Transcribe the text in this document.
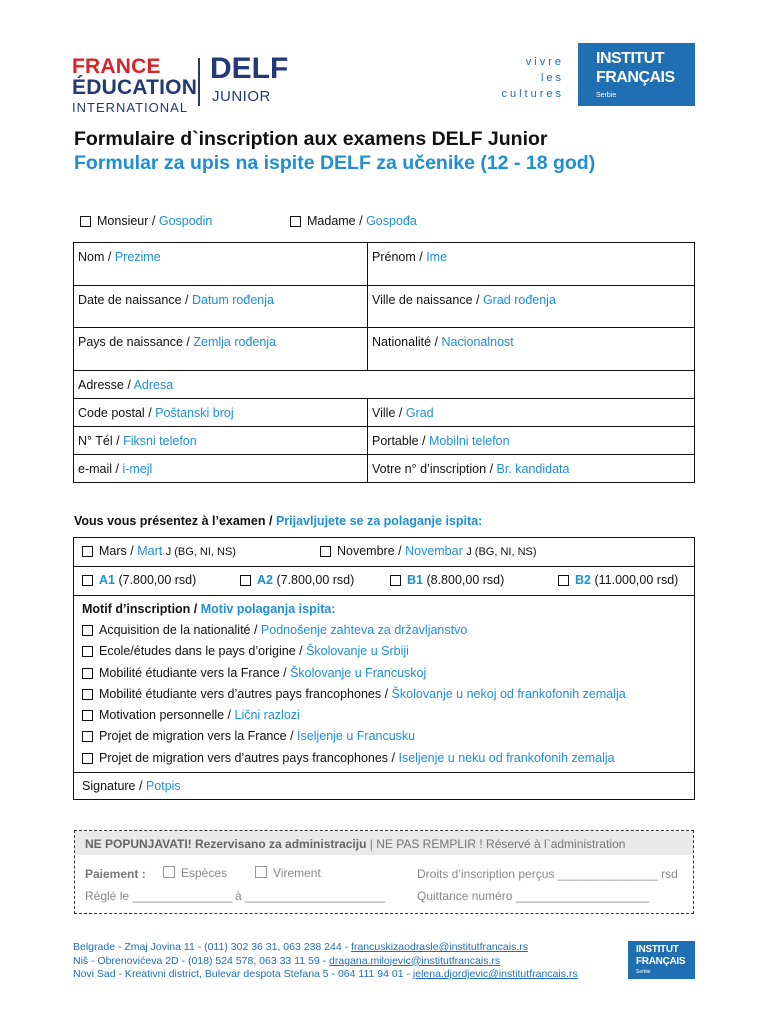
FRANCE
ÉDUCATION
INTERNATIONAL
DELF
JUNIOR
vivre
les
cultures
INSTITUT
FRANÇAIS
Serbie
Formulaire d`inscription aux examens DELF Junior
Formular za upis na ispite DELF za učenike (12 - 18 god)
Monsieur / Gospodin	Madame / Gospođa
Nom / Prezime	Prénom / Ime
Date de naissance / Datum rođenja	Ville de naissance / Grad rođenja
Pays de naissance / Zemlja rođenja	Nationalité / Nacionalnost
Adresse / Adresa	
Code postal / Poštanski broj	Ville / Grad
N° Tél / Fiksni telefon	Portable / Mobilni telefon
e-mail / i-mejl	Votre n° d’inscription / Br. kandidata
Vous vous présentez à l’examen / Prijavljujete se za polaganje ispita:
Mars / Mart J (BG, NI, NS)	Novembre / Novembar J (BG, NI, NS)
A1 (7.800,00 rsd)	A2 (7.800,00 rsd)	B1 (8.800,00 rsd)	B2 (11.000,00 rsd)
Motif d’inscription / Motiv polaganja ispita:
Acquisition de la nationalité / Podnošenje zahteva za državljanstvo
Ecole/études dans le pays d’origine / Školovanje u Srbiji
Mobilité étudiante vers la France / Školovanje u Francuskoj
Mobilité étudiante vers d’autres pays francophones / Školovanje u nekoj od frankofonih zemalja
Motivation personnelle / Lični razlozi
Projet de migration vers la France / Iseljenje u Francusku
Projet de migration vers d’autres pays francophones / Iseljenje u neku od frankofonih zemalja
Signature / Potpis
NE POPUNJAVATI! Rezervisano za administraciju | NE PAS REMPLIR ! Réservé à l`administration
Paiement :	Espèces	Virement	Droits d’inscription perçus _______________ rsd
Réglé le _______________ à _____________________	Quittance numéro ____________________
Belgrade - Zmaj Jovina 11 - (011) 302 36 31, 063 238 244 - francuskizaodrasle@institutfrancais.rs
Niš - Obrenovićeva 2D - (018) 524 578, 063 33 11 59 - dragana.milojevic@institutfrancais.rs
Novi Sad - Kreativni district, Bulevar despota Stefana 5 - 064 111 94 01 - jelena.djordjevic@institutfrancais.rs
INSTITUT
FRANÇAIS
Serbie
